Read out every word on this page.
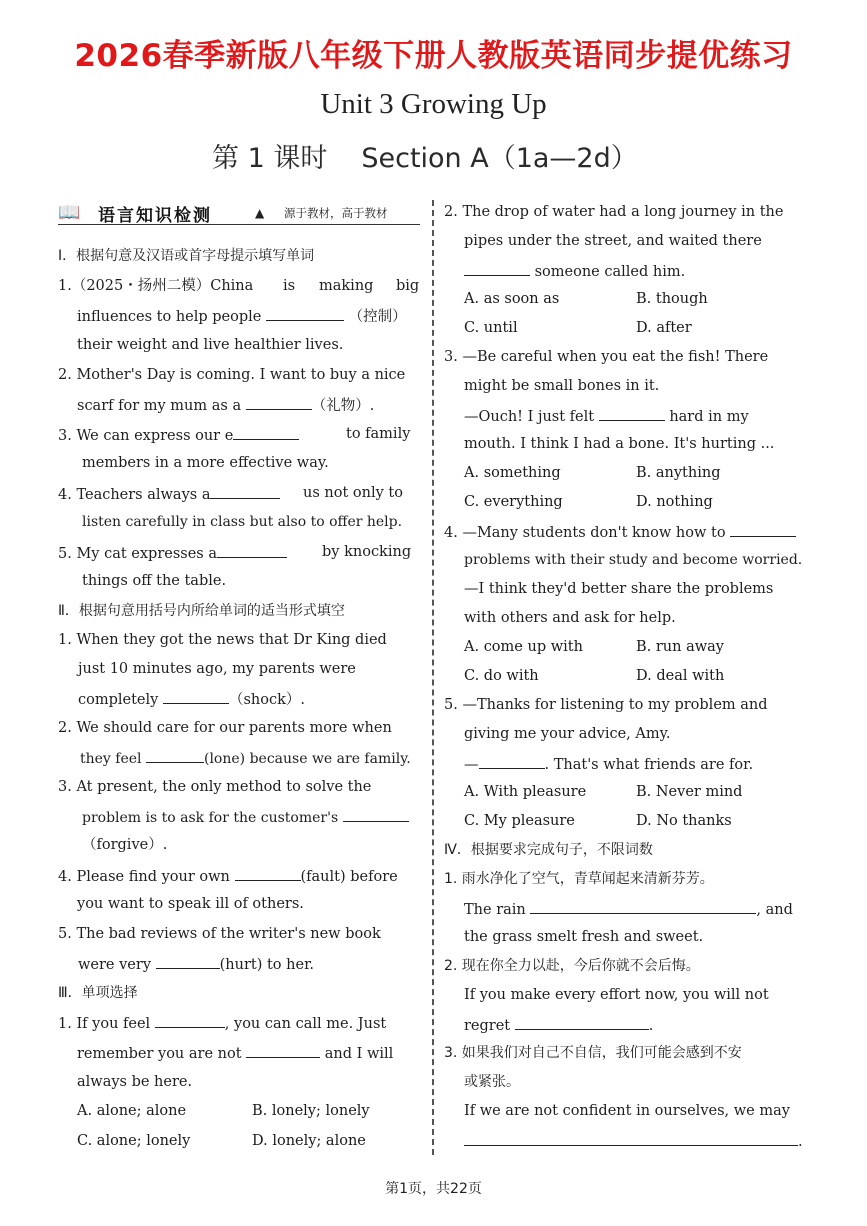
2026春季新版八年级下册人教版英语同步提优练习
Unit 3 Growing Up
第 1 课时 Section A（1a—2d）
📖 语言知识检测	▲ 源于教材，高于教材
Ⅰ．根据句意及汉语或首字母提示填写单词
1.（2025・扬州二模）China is making big
influences to help people	（控制）
their weight and live healthier lives.
2. Mother's Day is coming. I want to buy a nice
scarf for my mum as a	（礼物）.
3. We can express our e	to family
members in a more effective way.
4. Teachers always a	us not only to
listen carefully in class but also to offer help.
5. My cat expresses a	by knocking
things off the table.
Ⅱ．根据句意用括号内所给单词的适当形式填空
1. When they got the news that Dr King died
just 10 minutes ago, my parents were
completely	（shock）.
2. We should care for our parents more when
they feel	(lone) because we are family.
3. At present, the only method to solve the
problem is to ask for the customer's
（forgive）.
4. Please find your own	(fault) before
you want to speak ill of others.
5. The bad reviews of the writer's new book
were very	(hurt) to her.
Ⅲ．单项选择
1. If you feel	, you can call me. Just
remember you are not	and I will
always be here.
A. alone; alone	B. lonely; lonely
C. alone; lonely	D. lonely; alone
2. The drop of water had a long journey in the
pipes under the street, and waited there
someone called him.
A. as soon as	B. though
C. until	D. after
3. —Be careful when you eat the fish! There
might be small bones in it.
—Ouch! I just felt	hard in my
mouth. I think I had a bone. It's hurting ...
A. something	B. anything
C. everything	D. nothing
4. —Many students don't know how to
problems with their study and become worried.
—I think they'd better share the problems
with others and ask for help.
A. come up with	B. run away
C. do with	D. deal with
5. —Thanks for listening to my problem and
giving me your advice, Amy.
—	. That's what friends are for.
A. With pleasure	B. Never mind
C. My pleasure	D. No thanks
Ⅳ．根据要求完成句子，不限词数
1. 雨水净化了空气，青草闻起来清新芬芳。
The rain	, and
the grass smelt fresh and sweet.
2. 现在你全力以赴，今后你就不会后悔。
If you make every effort now, you will not
regret	.
3. 如果我们对自己不自信，我们可能会感到不安
或紧张。
If we are not confident in ourselves, we may
.
第1页，共22页
